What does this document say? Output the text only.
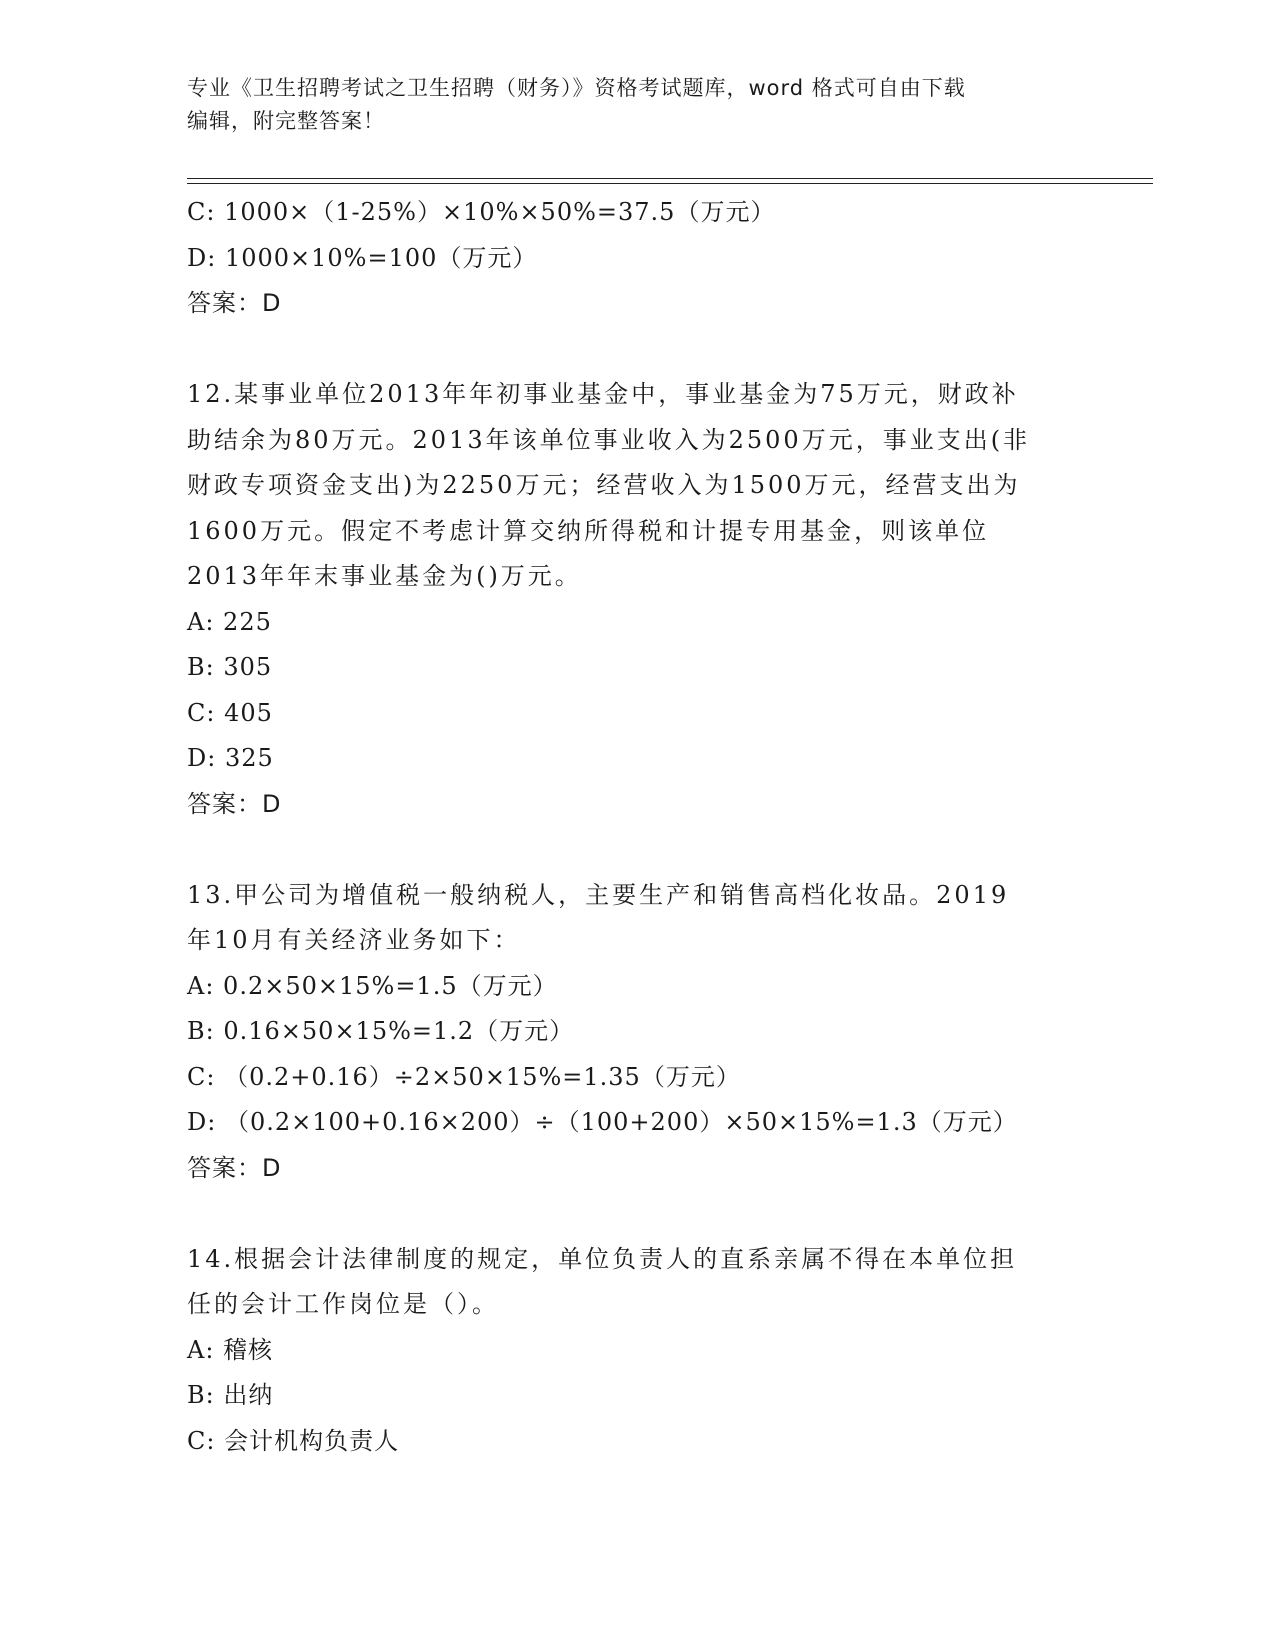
专业《卫生招聘考试之卫生招聘（财务）》资格考试题库，word 格式可自由下载
编辑，附完整答案！
C: 1000×（1-25%）×10%×50%=37.5（万元）
D: 1000×10%=100（万元）
答案：D
12.某事业单位2013年年初事业基金中，事业基金为75万元，财政补
助结余为80万元。2013年该单位事业收入为2500万元，事业支出(非
财政专项资金支出)为2250万元；经营收入为1500万元，经营支出为
1600万元。假定不考虑计算交纳所得税和计提专用基金，则该单位
2013年年末事业基金为()万元。
A: 225
B: 305
C: 405
D: 325
答案：D
13.甲公司为增值税一般纳税人，主要生产和销售高档化妆品。2019
年10月有关经济业务如下：
A: 0.2×50×15%=1.5（万元）
B: 0.16×50×15%=1.2（万元）
C: （0.2+0.16）÷2×50×15%=1.35（万元）
D: （0.2×100+0.16×200）÷（100+200）×50×15%=1.3（万元）
答案：D
14.根据会计法律制度的规定，单位负责人的直系亲属不得在本单位担
任的会计工作岗位是（）。
A: 稽核
B: 出纳
C: 会计机构负责人
